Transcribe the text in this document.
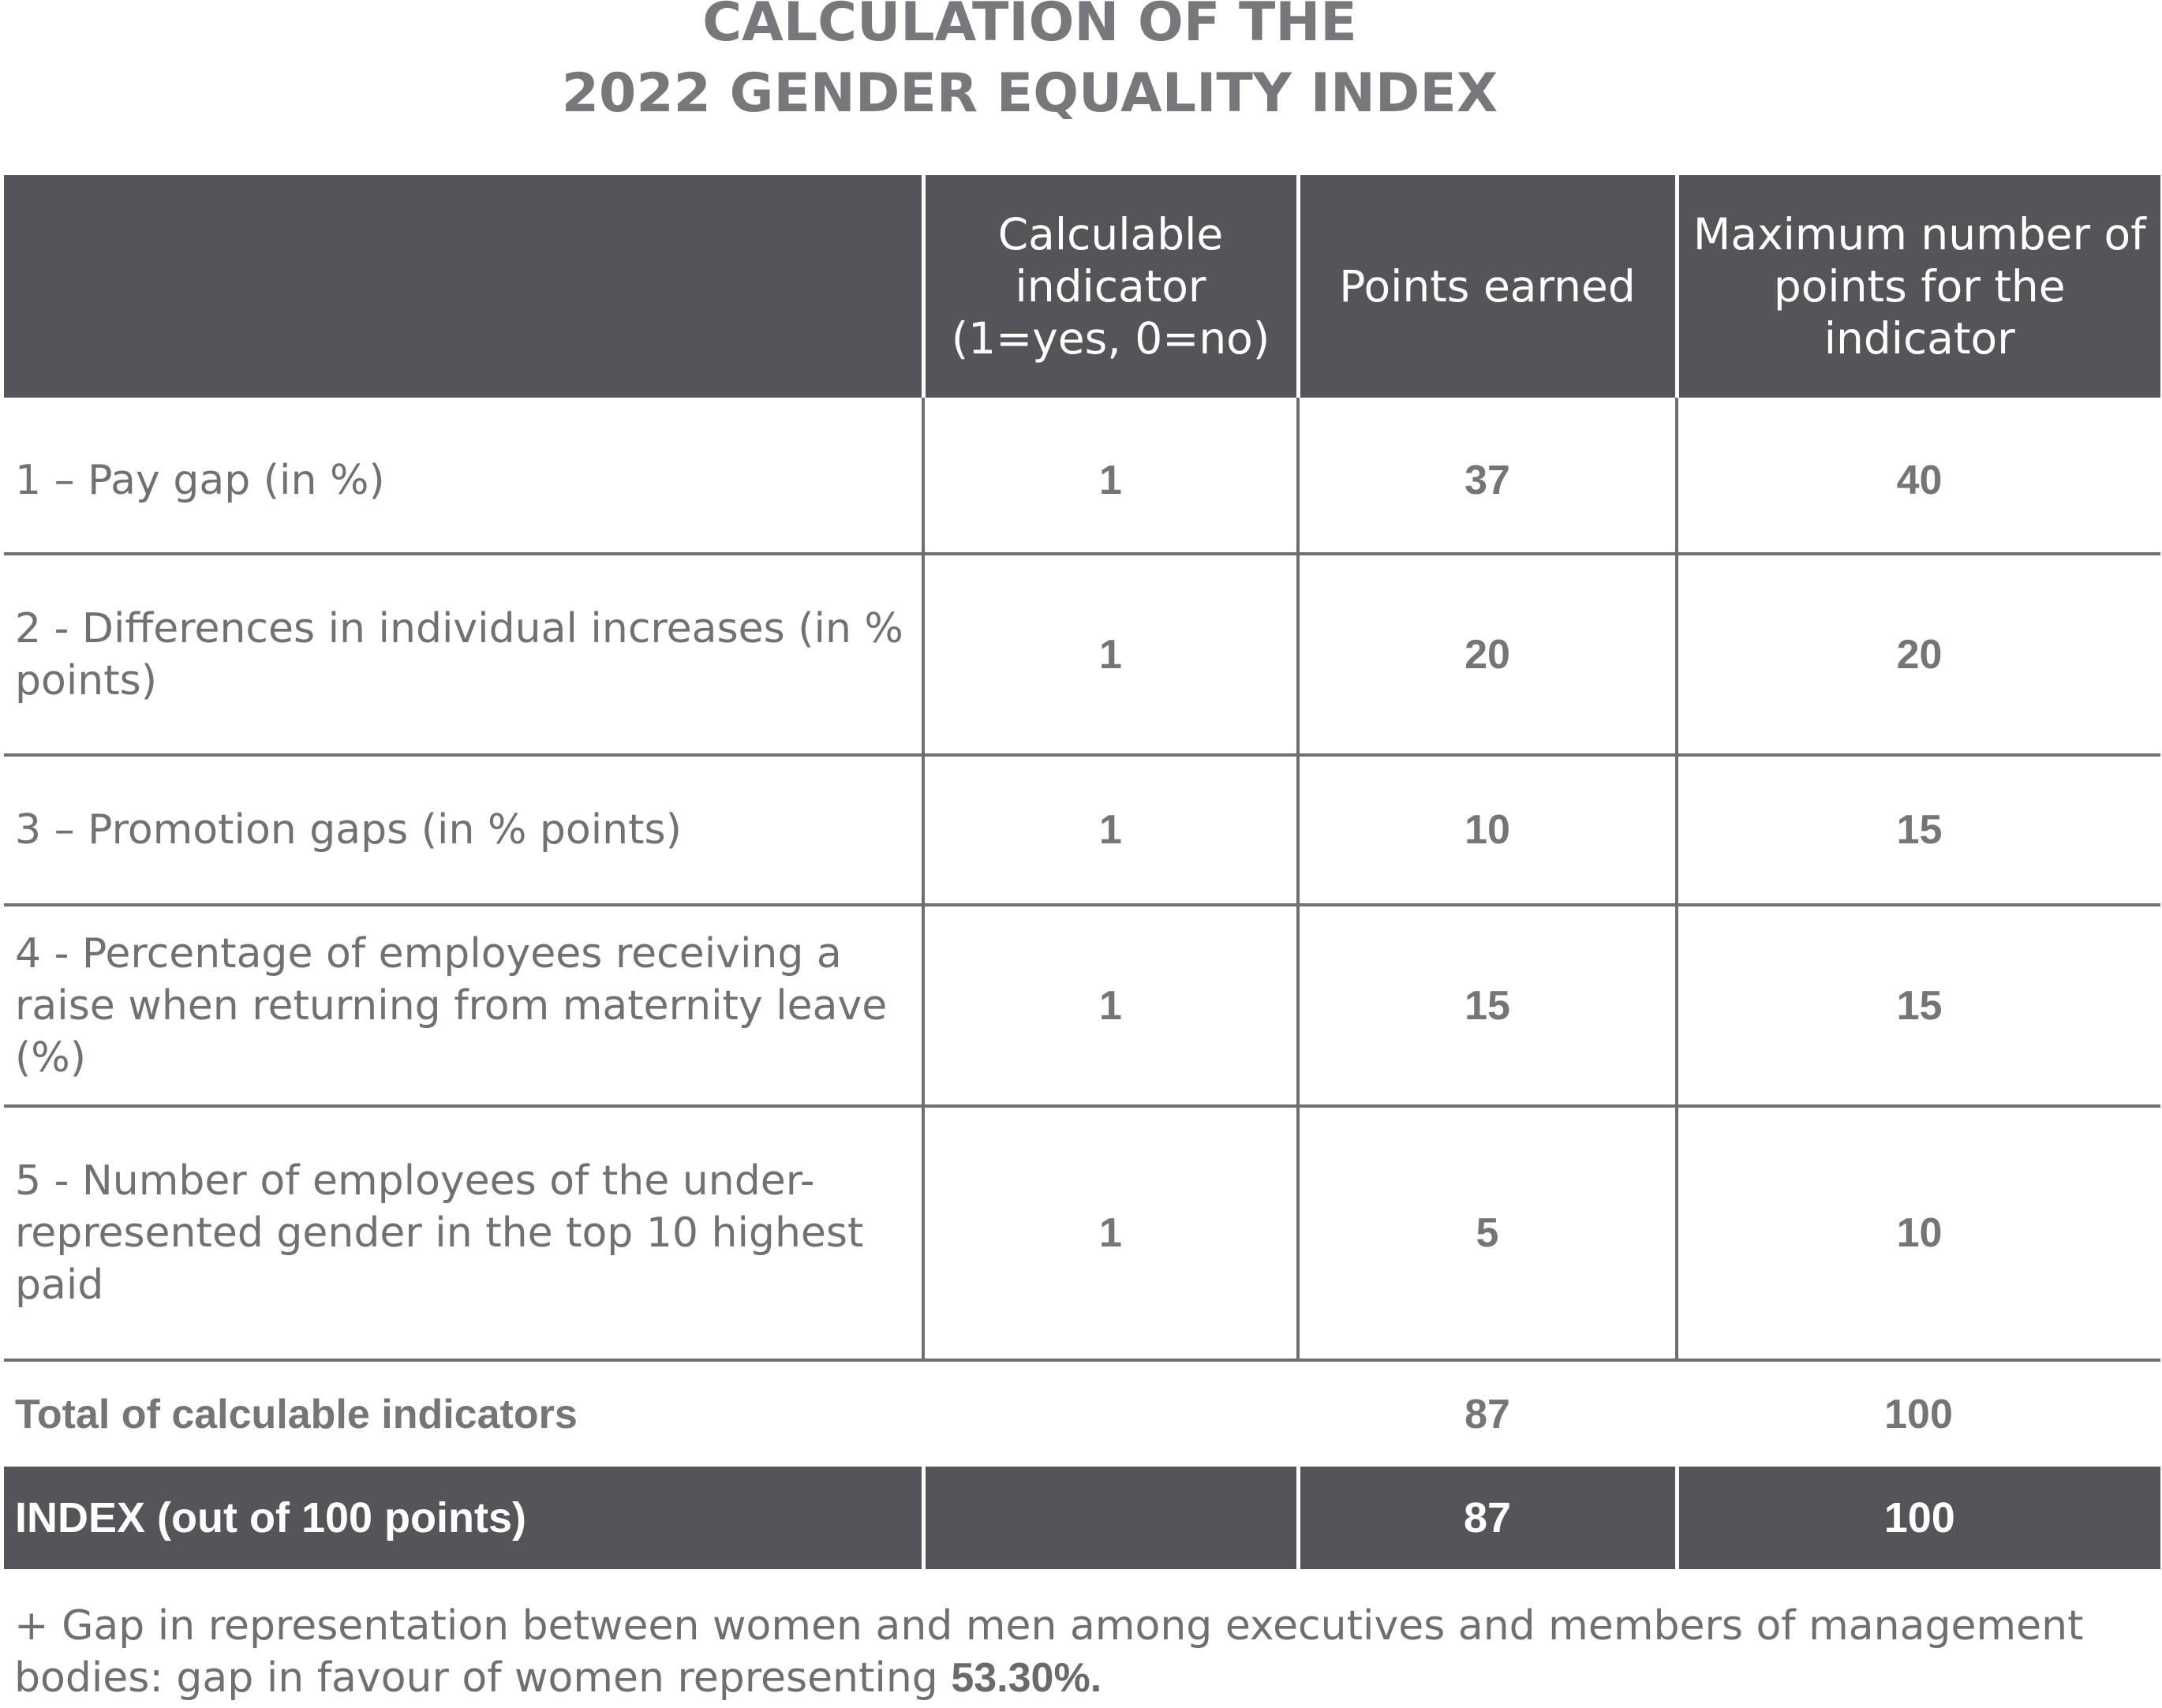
CALCULATION OF THE
2022 GENDER EQUALITY INDEX
	Calculable indicator (1=yes, 0=no)	Points earned	Maximum number of points for the indicator

1 – Pay gap (in %)	1	37	40
2 - Differences in individual increases (in % points)	1	20	20
3 – Promotion gaps (in % points)	1	10	15
4 - Percentage of employees receiving a raise when returning from maternity leave (%)	1	15	15
5 - Number of employees of the under-represented gender in the top 10 highest paid	1	5	10
Total of calculable indicators		87	100
INDEX (out of 100 points)		87	100
+ Gap in representation between women and men among executives and members of management bodies: gap in favour of women representing 53.30%.
